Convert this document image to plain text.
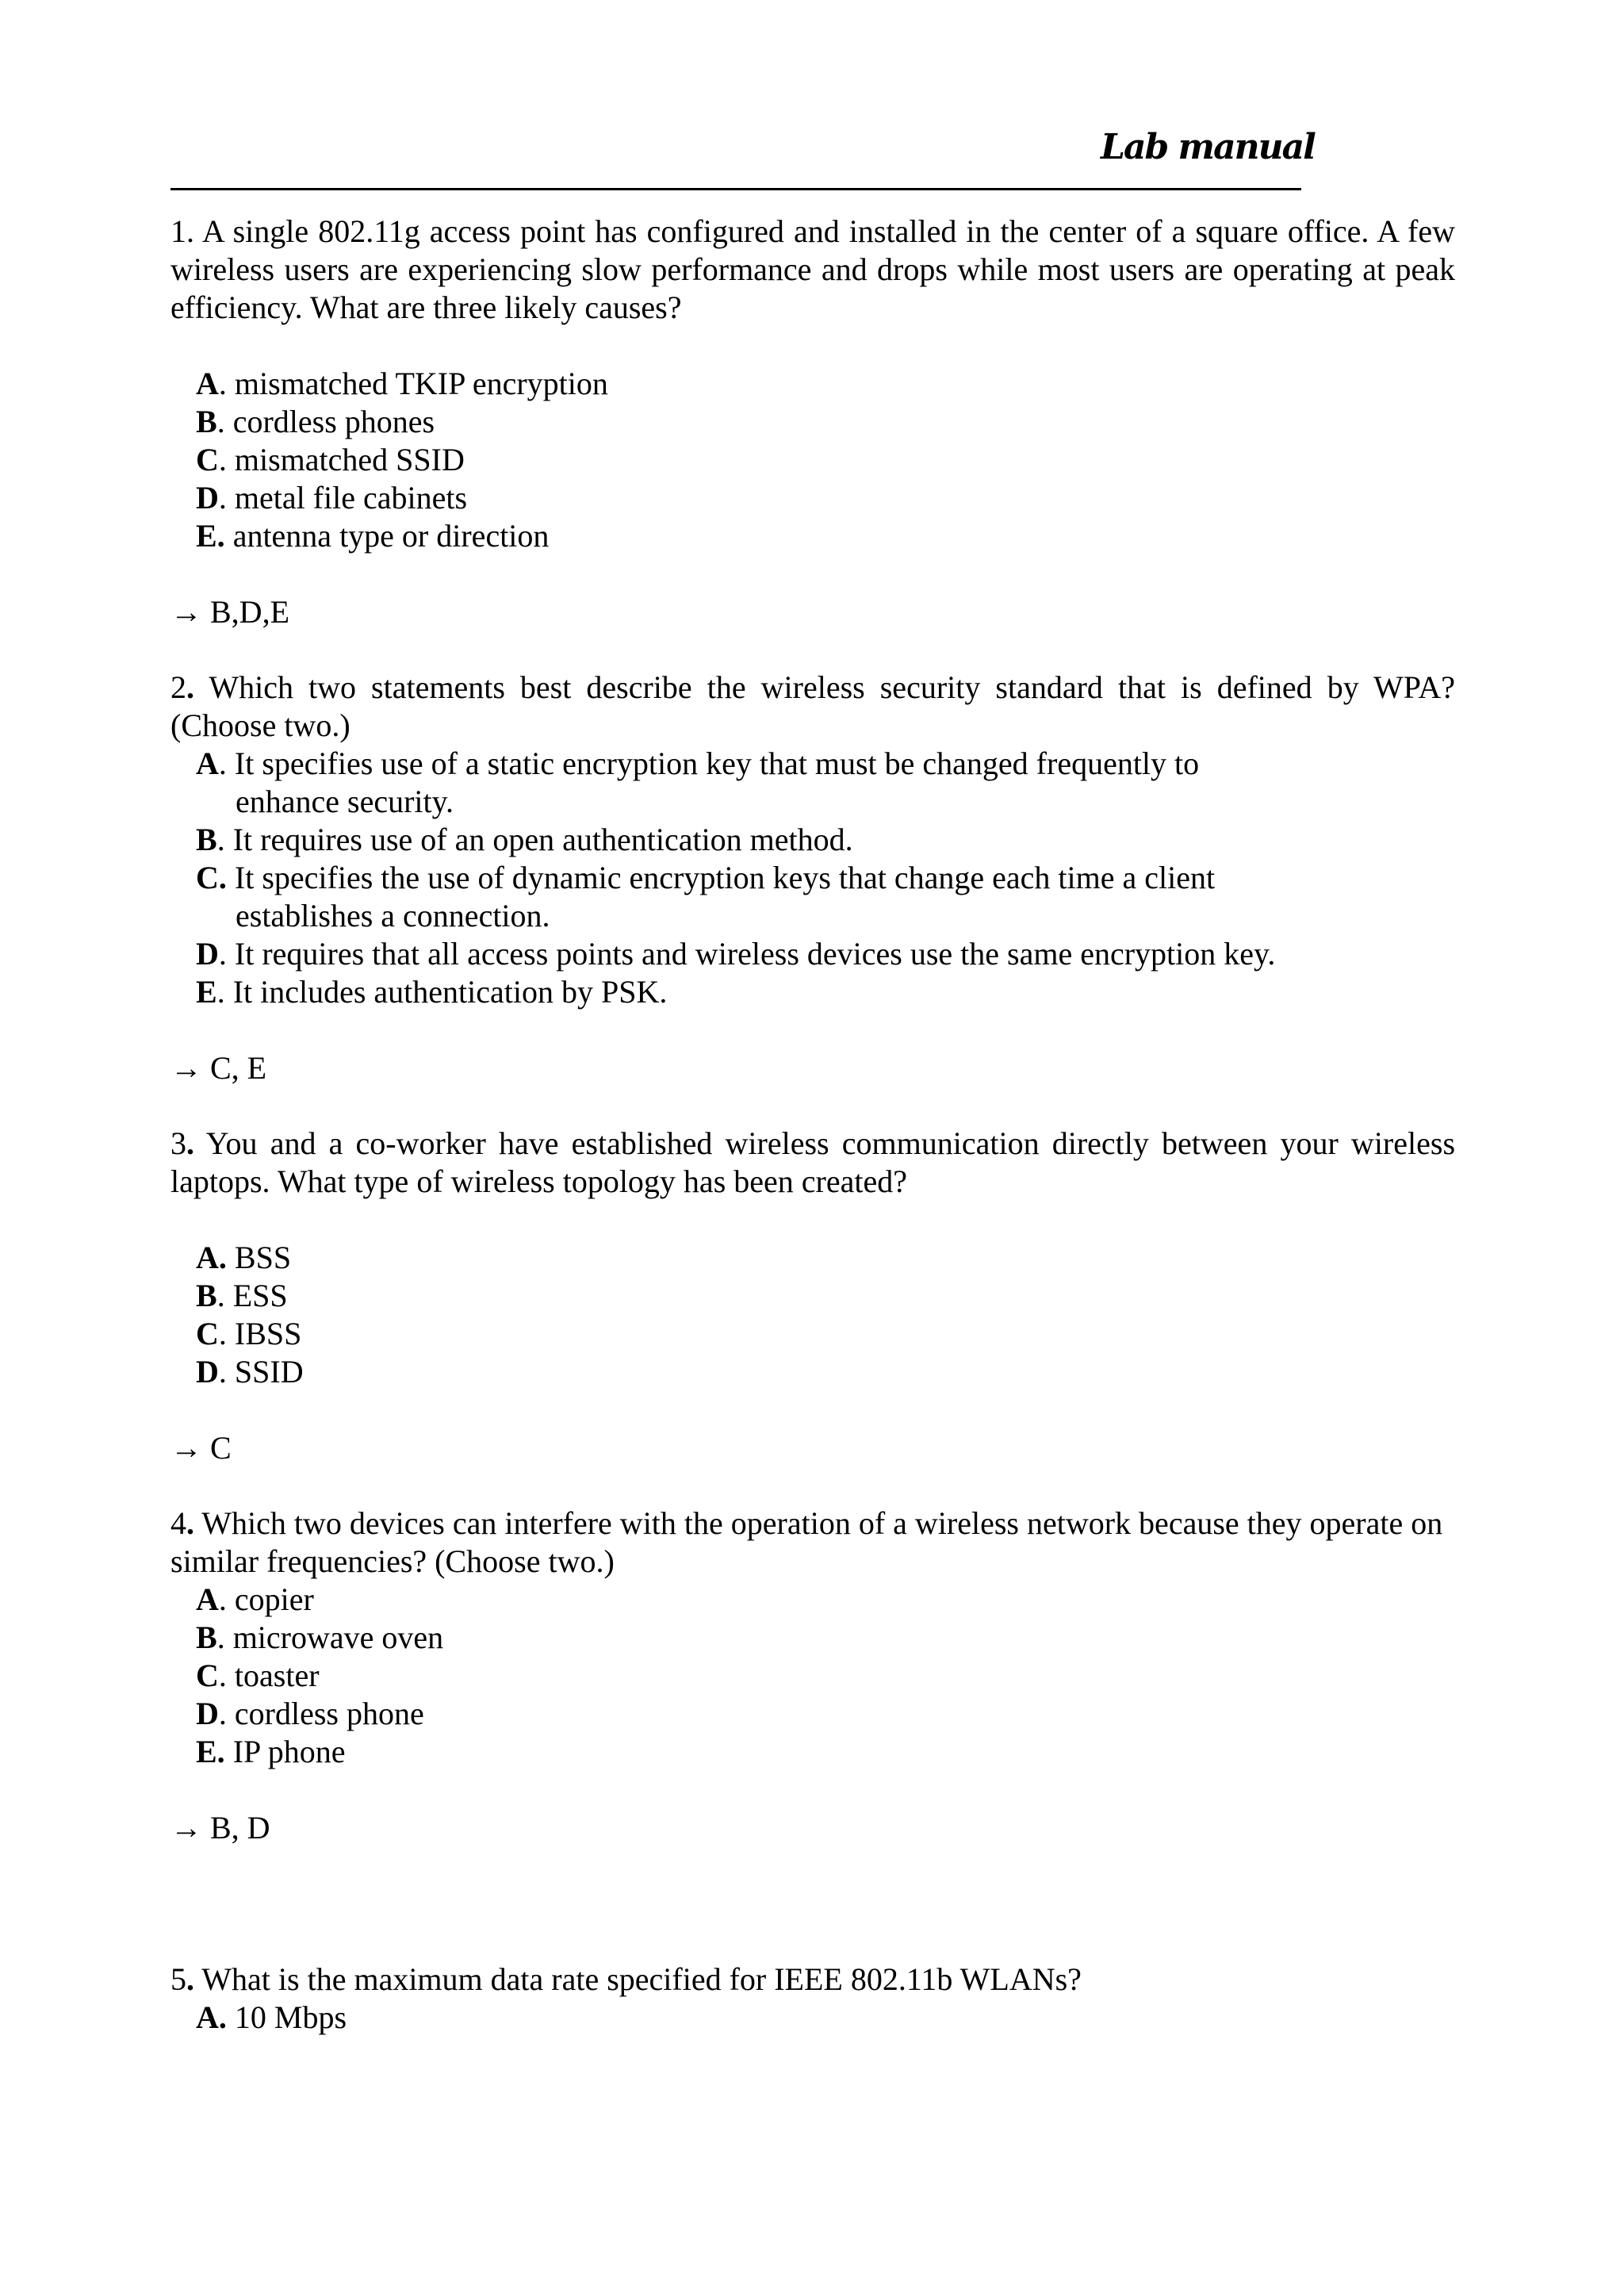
Lab manual

1. A single 802.11g access point has configured and installed in the center of a square office. A few wireless users are experiencing slow performance and drops while most users are operating at peak efficiency. What are three likely causes?

A. mismatched TKIP encryption
B. cordless phones
C. mismatched SSID
D. metal file cabinets
E. antenna type or direction
→ B,D,E

2. Which two statements best describe the wireless security standard that is defined by WPA? (Choose two.)

A. It specifies use of a static encryption key that must be changed frequently to enhance security.
B. It requires use of an open authentication method.
C. It specifies the use of dynamic encryption keys that change each time a client establishes a connection.
D. It requires that all access points and wireless devices use the same encryption key.
E. It includes authentication by PSK.
→ C, E

3. You and a co-worker have established wireless communication directly between your wireless laptops. What type of wireless topology has been created?

A. BSS
B. ESS
C. IBSS
D. SSID
→ C

4. Which two devices can interfere with the operation of a wireless network because they operate on similar frequencies? (Choose two.)

A. copier
B. microwave oven
C. toaster
D. cordless phone
E. IP phone
→ B, D

5. What is the maximum data rate specified for IEEE 802.11b WLANs?

A. 10 Mbps
